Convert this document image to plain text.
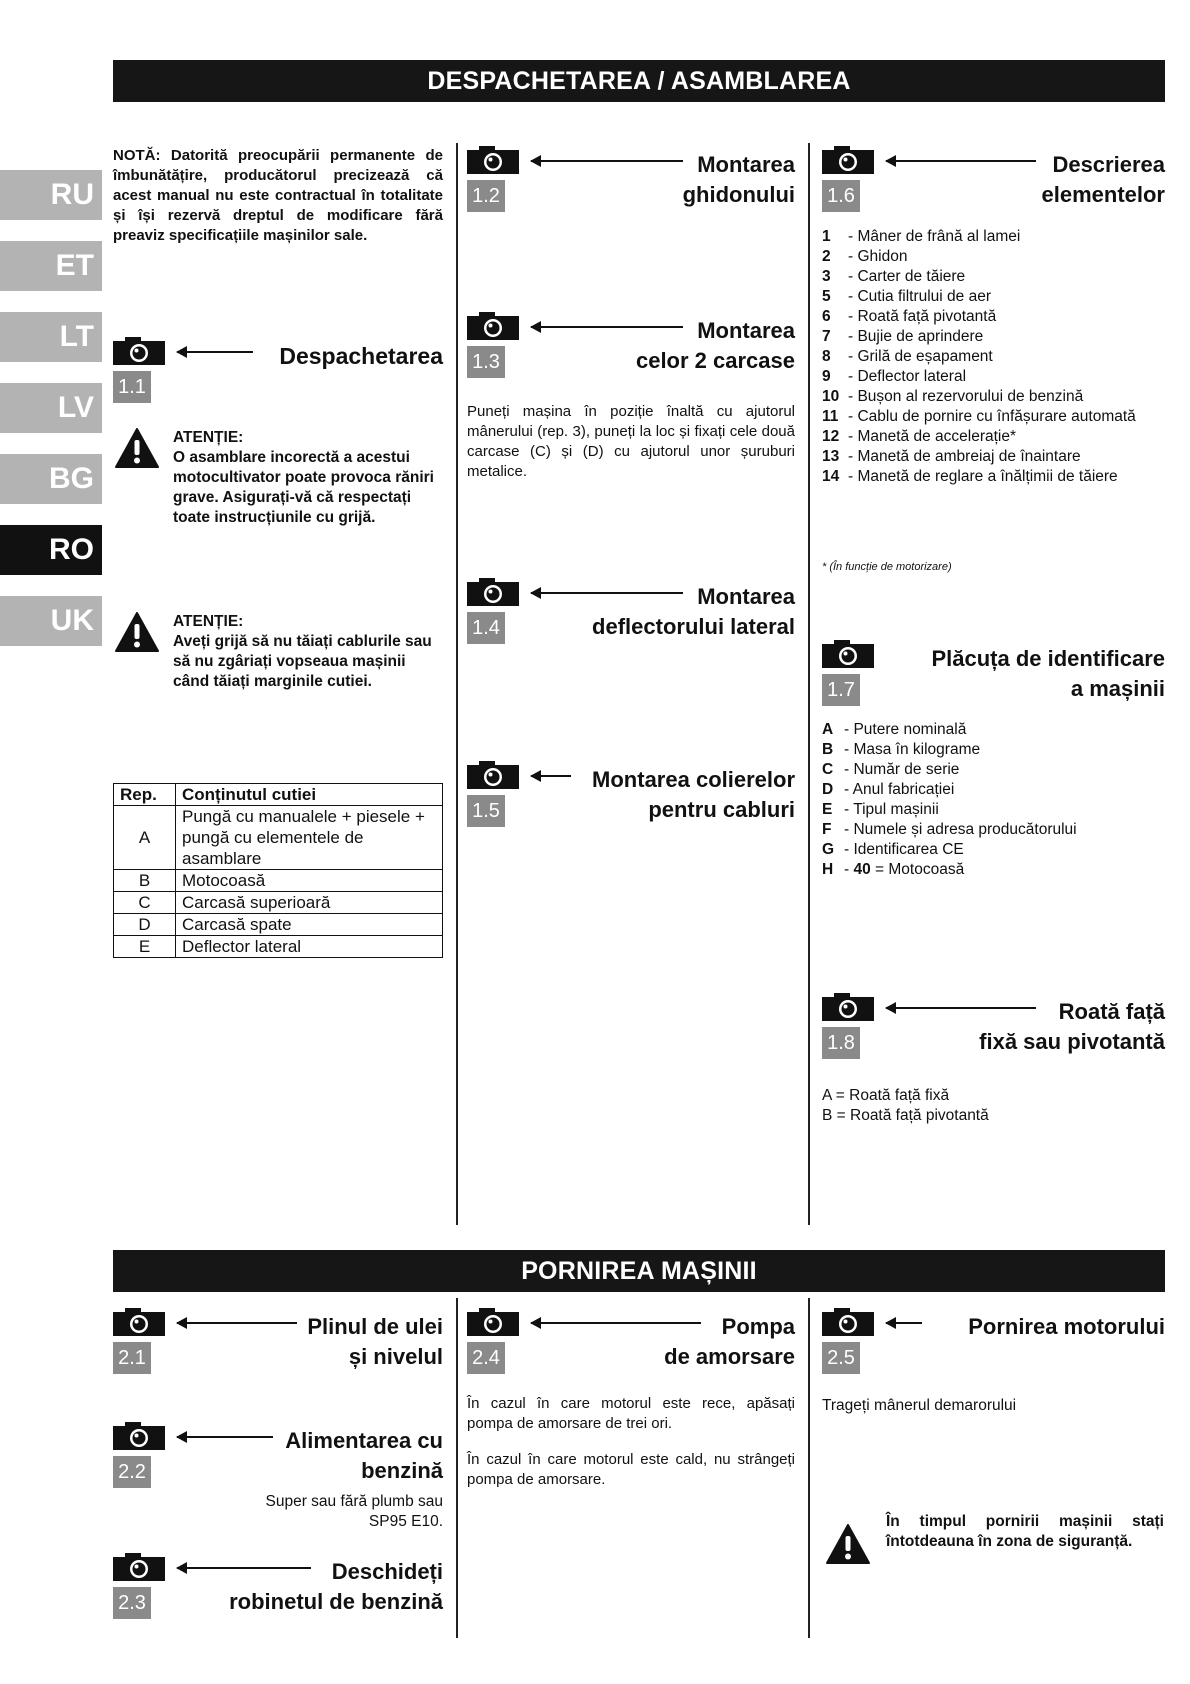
DESPACHETAREA / ASAMBLAREA
PORNIREA MAȘINII
RU
ET
LT
LV
BG
RO
UK
NOTĂ: Datorită preocupării permanente de îmbunătățire, producătorul precizează că acest manual nu este contractual în totalitate și își rezervă dreptul de modificare fără preaviz specificațiile mașinilor sale.
1.1
Despachetarea
ATENȚIE:
O asamblare incorectă a acestui motocultivator poate provoca răniri grave. Asigurați-vă că respectați toate instrucțiunile cu grijă.
ATENȚIE:
Aveți grijă să nu tăiați cablurile sau să nu zgâriați vopseaua mașinii când tăiați marginile cutiei.
Rep.	Conținutul cutiei
A	Pungă cu manualele + piesele + pungă cu elementele de asamblare
B	Motocoasă
C	Carcasă superioară
D	Carcasă spate
E	Deflector lateral
1.2
Montarea
ghidonului
1.3
Montarea
celor 2 carcase
Puneți mașina în poziție înaltă cu ajutorul mânerului (rep. 3), puneți la loc și fixați cele două carcase (C) și (D) cu ajutorul unor șuruburi metalice.
1.4
Montarea
deflectorului lateral
1.5
Montarea colierelor
pentru cabluri
1.6
Descrierea
elementelor
1	- Mâner de frână al lamei
2	- Ghidon
3	- Carter de tăiere
5	- Cutia filtrului de aer
6	- Roată față pivotantă
7	- Bujie de aprindere
8	- Grilă de eșapament
9	- Deflector lateral
10	- Bușon al rezervorului de benzină
11	- Cablu de pornire cu înfășurare automată
12	- Manetă de accelerație*
13	- Manetă de ambreiaj de înaintare
14	- Manetă de reglare a înălțimii de tăiere
* (În funcție de motorizare)
1.7
Plăcuța de identificare
a mașinii
A	- Putere nominală
B	- Masa în kilograme
C	- Număr de serie
D	- Anul fabricației
E	- Tipul mașinii
F	- Numele și adresa producătorului
G	- Identificarea CE
H	- 40 = Motocoasă
1.8
Roată față
fixă sau pivotantă
A = Roată față fixă
B = Roată față pivotantă
2.1
Plinul de ulei
și nivelul
2.2
Alimentarea cu
benzină
Super sau fără plumb sau
SP95 E10.
2.3
Deschideți
robinetul de benzină
2.4
Pompa
de amorsare
În cazul în care motorul este rece, apăsați pompa de amorsare de trei ori.
În cazul în care motorul este cald, nu strângeți pompa de amorsare.
2.5
Pornirea motorului
Trageți mânerul demarorului
În timpul pornirii mașinii stați întotdeauna în zona de siguranță.
